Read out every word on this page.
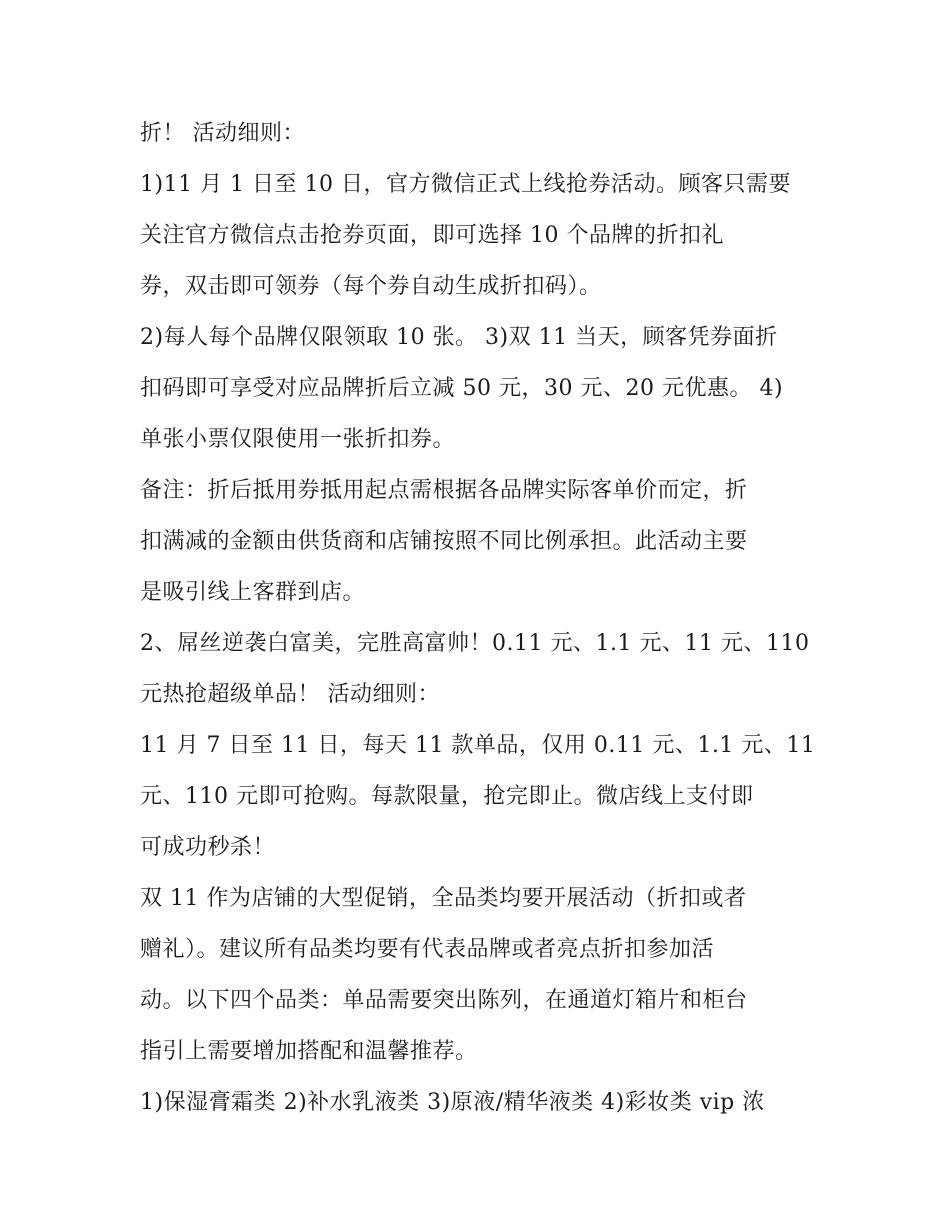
折！ 活动细则：
1)11 月 1 日至 10 日，官方微信正式上线抢券活动。顾客只需要
关注官方微信点击抢券页面，即可选择 10 个品牌的折扣礼
券，双击即可领券（每个券自动生成折扣码）。
2)每人每个品牌仅限领取 10 张。 3)双 11 当天，顾客凭券面折
扣码即可享受对应品牌折后立减 50 元，30 元、20 元优惠。 4)
单张小票仅限使用一张折扣券。
备注：折后抵用券抵用起点需根据各品牌实际客单价而定，折
扣满减的金额由供货商和店铺按照不同比例承担。此活动主要
是吸引线上客群到店。
2、屌丝逆袭白富美，完胜高富帅！0.11 元、1.1 元、11 元、110
元热抢超级单品！ 活动细则：
11 月 7 日至 11 日，每天 11 款单品，仅用 0.11 元、1.1 元、11
元、110 元即可抢购。每款限量，抢完即止。微店线上支付即
可成功秒杀！
双 11 作为店铺的大型促销，全品类均要开展活动（折扣或者
赠礼）。建议所有品类均要有代表品牌或者亮点折扣参加活
动。以下四个品类：单品需要突出陈列，在通道灯箱片和柜台
指引上需要增加搭配和温馨推荐。
1)保湿膏霜类 2)补水乳液类 3)原液/精华液类 4)彩妆类 vip 浓
